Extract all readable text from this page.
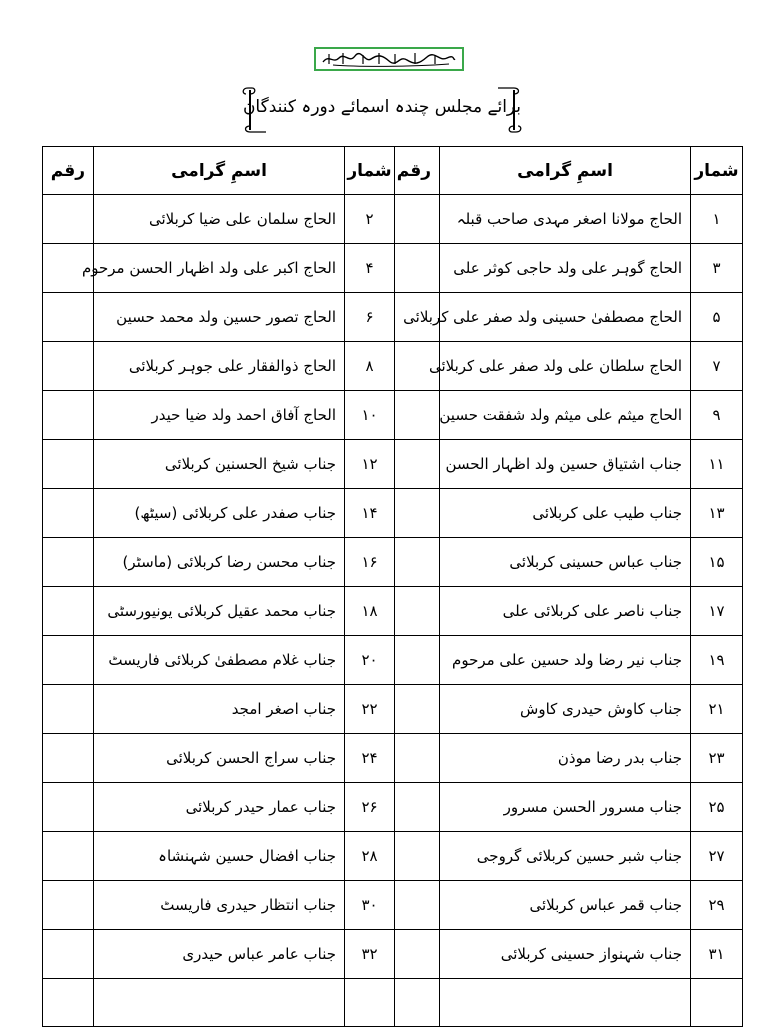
برائے مجلس چندہ اسمائے دورہ کنندگان
شمار	اسمِ گرامی	رقم	شمار	اسمِ گرامی	رقم
۱	الحاج مولانا اصغر مہدی صاحب قبلہ		۲	الحاج سلمان علی ضیا کربلائی	
۳	الحاج گوہر علی ولد حاجی کوثر علی		۴	الحاج اکبر علی ولد اظہار الحسن مرحوم	
۵	الحاج مصطفیٰ حسینی ولد صفر علی کربلائی		۶	الحاج تصور حسین ولد محمد حسین	
۷	الحاج سلطان علی ولد صفر علی کربلائی		۸	الحاج ذوالفقار علی جوہر کربلائی	
۹	الحاج میثم علی میثم ولد شفقت حسین		۱۰	الحاج آفاق احمد ولد ضیا حیدر	
۱۱	جناب اشتیاق حسین ولد اظہار الحسن		۱۲	جناب شیخ الحسنین کربلائی	
۱۳	جناب طیب علی کربلائی		۱۴	جناب صفدر علی کربلائی (سیٹھ)	
۱۵	جناب عباس حسینی کربلائی		۱۶	جناب محسن رضا کربلائی (ماسٹر)	
۱۷	جناب ناصر علی کربلائی علی		۱۸	جناب محمد عقیل کربلائی یونیورسٹی	
۱۹	جناب نیر رضا ولد حسین علی مرحوم		۲۰	جناب غلام مصطفیٰ کربلائی فاریسٹ	
۲۱	جناب کاوش حیدری کاوش		۲۲	جناب اصغر امجد	
۲۳	جناب بدر رضا موذن		۲۴	جناب سراج الحسن کربلائی	
۲۵	جناب مسرور الحسن مسرور		۲۶	جناب عمار حیدر کربلائی	
۲۷	جناب شبر حسین کربلائی گروجی		۲۸	جناب افضال حسین شہنشاہ	
۲۹	جناب قمر عباس کربلائی		۳۰	جناب انتظار حیدری فاریسٹ	
۳۱	جناب شہنواز حسینی کربلائی		۳۲	جناب عامر عباس حیدری	
